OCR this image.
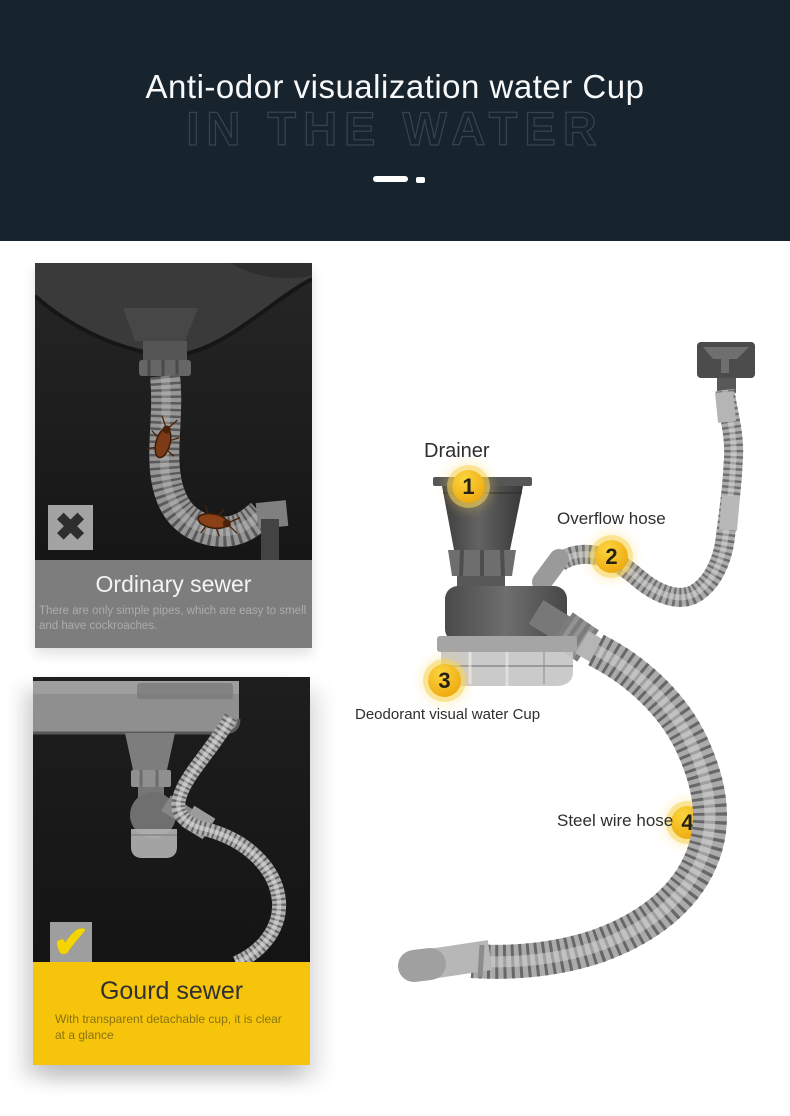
IN THE WATER
Anti-odor visualization water Cup
✖

Ordinary sewer

There are only simple pipes, which are easy to smell and have cockroaches.

✔

Gourd sewer

With transparent detachable cup, it is clear at a glance

4
Drainer
Overflow hose
Deodorant visual water Cup
Steel wire hose
1
2
3
